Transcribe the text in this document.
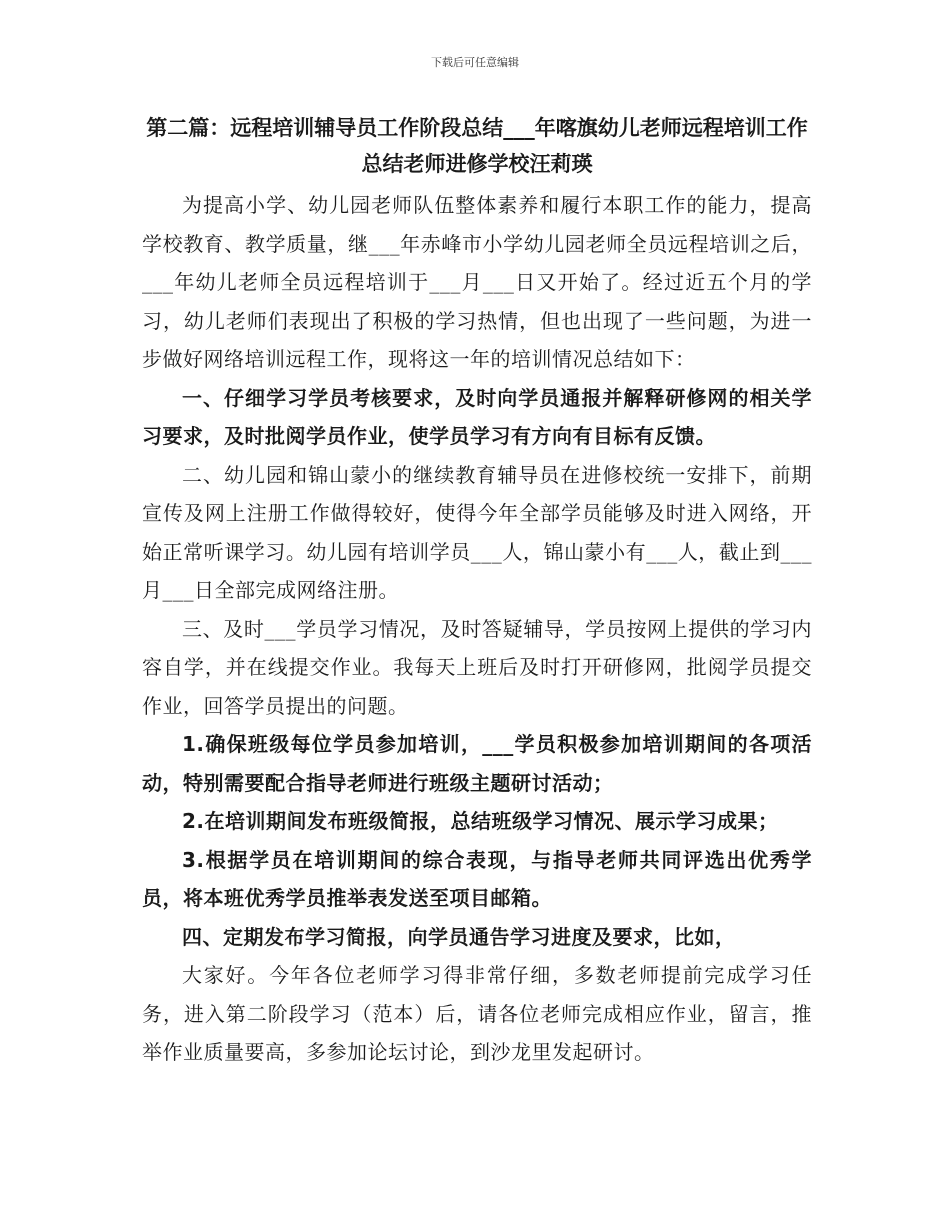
下载后可任意编辑
第二篇：远程培训辅导员工作阶段总结___年喀旗幼儿老师远程培训工作总结老师进修学校汪莉瑛

为提高小学、幼儿园老师队伍整体素养和履行本职工作的能力，提高学校教育、教学质量，继___年赤峰市小学幼儿园老师全员远程培训之后，___年幼儿老师全员远程培训于___月___日又开始了。经过近五个月的学习，幼儿老师们表现出了积极的学习热情，但也出现了一些问题，为进一步做好网络培训远程工作，现将这一年的培训情况总结如下：

一、仔细学习学员考核要求，及时向学员通报并解释研修网的相关学习要求，及时批阅学员作业，使学员学习有方向有目标有反馈。

二、幼儿园和锦山蒙小的继续教育辅导员在进修校统一安排下，前期宣传及网上注册工作做得较好，使得今年全部学员能够及时进入网络，开始正常听课学习。幼儿园有培训学员___人，锦山蒙小有___人，截止到___月___日全部完成网络注册。

三、及时___学员学习情况，及时答疑辅导，学员按网上提供的学习内容自学，并在线提交作业。我每天上班后及时打开研修网，批阅学员提交作业，回答学员提出的问题。

1.确保班级每位学员参加培训，___学员积极参加培训期间的各项活动，特别需要配合指导老师进行班级主题研讨活动；

2.在培训期间发布班级简报，总结班级学习情况、展示学习成果；

3.根据学员在培训期间的综合表现，与指导老师共同评选出优秀学员，将本班优秀学员推举表发送至项目邮箱。

四、定期发布学习简报，向学员通告学习进度及要求，比如，

大家好。今年各位老师学习得非常仔细，多数老师提前完成学习任务，进入第二阶段学习（范本）后，请各位老师完成相应作业，留言，推举作业质量要高，多参加论坛讨论，到沙龙里发起研讨。
